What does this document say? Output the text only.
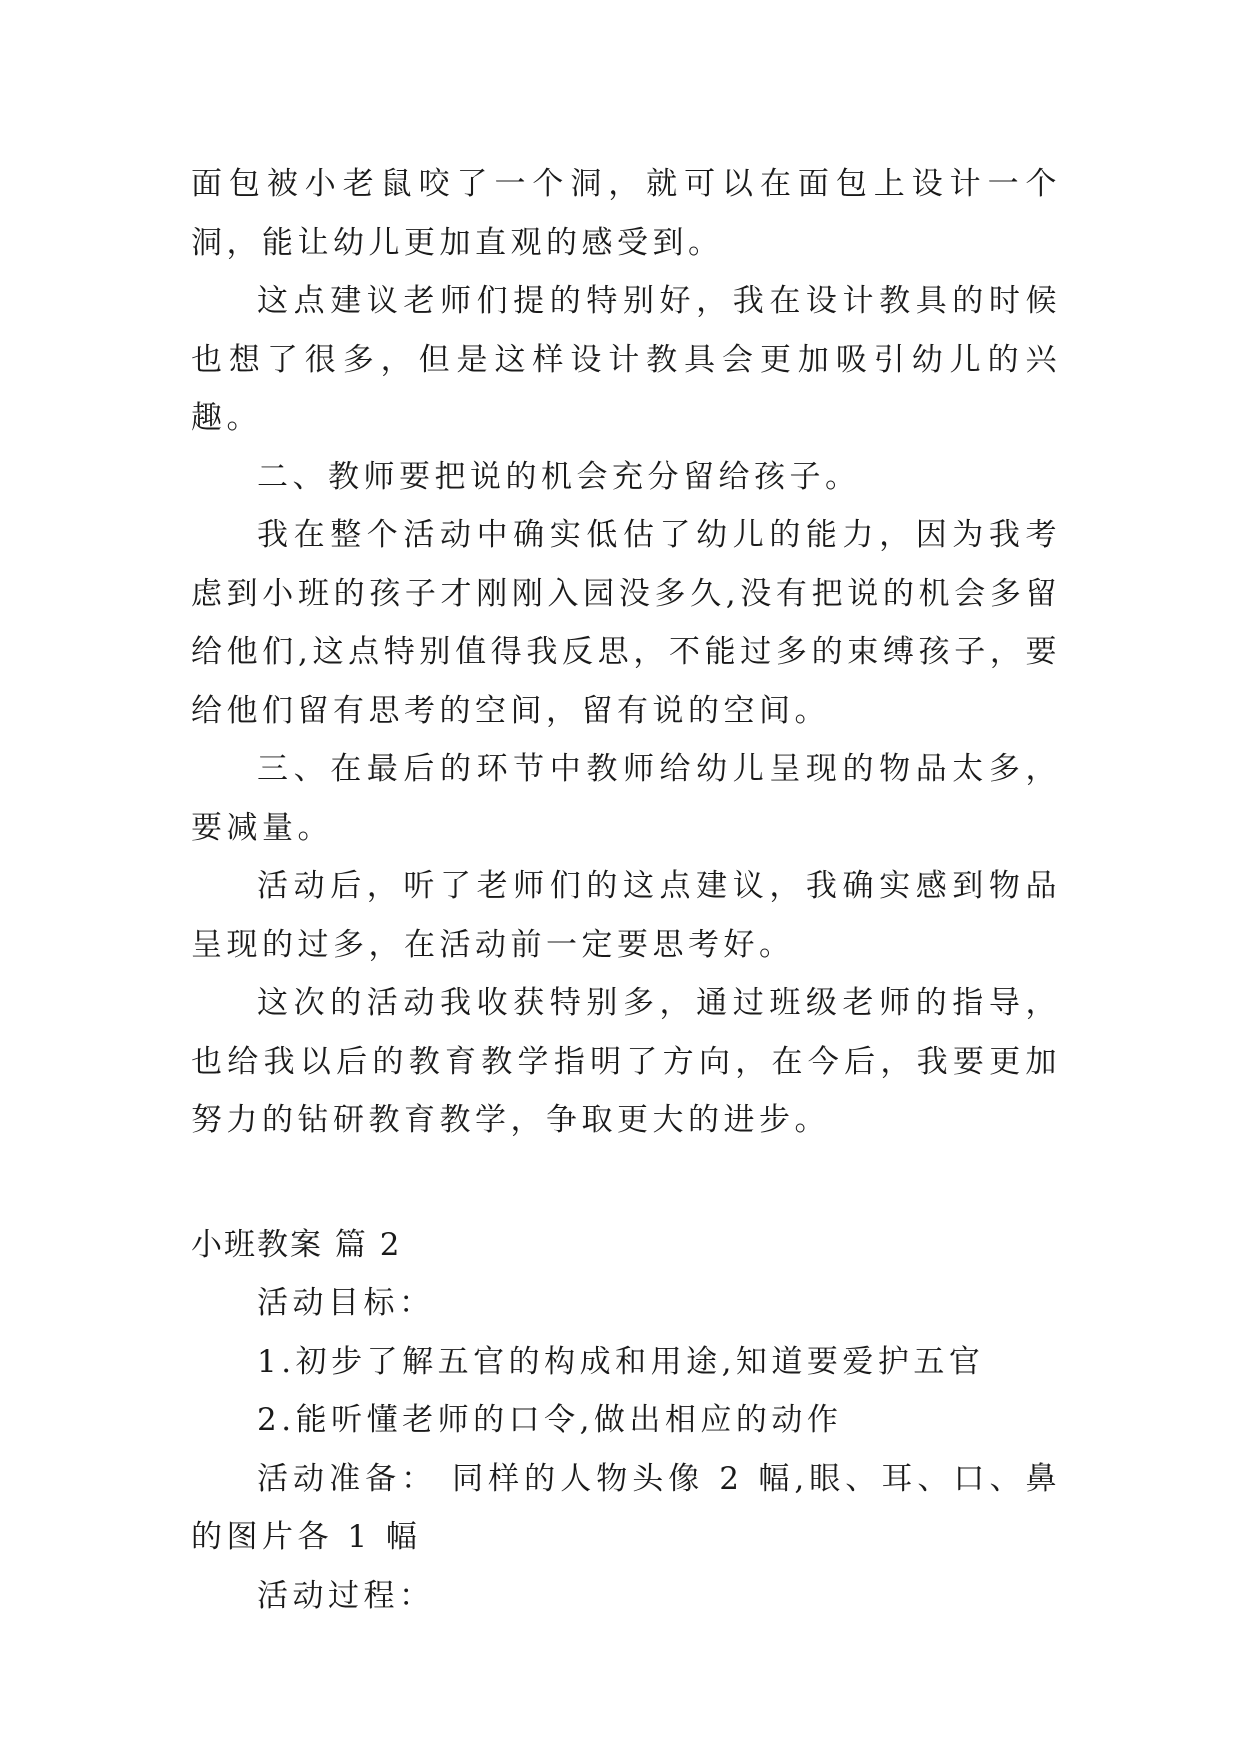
面包被小老鼠咬了一个洞，就可以在面包上设计一个洞，能让幼儿更加直观的感受到。

这点建议老师们提的特别好，我在设计教具的时候也想了很多，但是这样设计教具会更加吸引幼儿的兴趣。

二、教师要把说的机会充分留给孩子。

我在整个活动中确实低估了幼儿的能力，因为我考虑到小班的孩子才刚刚入园没多久,没有把说的机会多留给他们,这点特别值得我反思，不能过多的束缚孩子，要给他们留有思考的空间，留有说的空间。

三、在最后的环节中教师给幼儿呈现的物品太多，要减量。

活动后，听了老师们的这点建议，我确实感到物品呈现的过多，在活动前一定要思考好。

这次的活动我收获特别多，通过班级老师的指导，也给我以后的教育教学指明了方向，在今后，我要更加努力的钻研教育教学，争取更大的进步。

小班教案 篇 2

活动目标：

1.初步了解五官的构成和用途,知道要爱护五官

2.能听懂老师的口令,做出相应的动作

活动准备： 同样的人物头像 2 幅,眼、耳、口、鼻的图片各 1 幅

活动过程：
